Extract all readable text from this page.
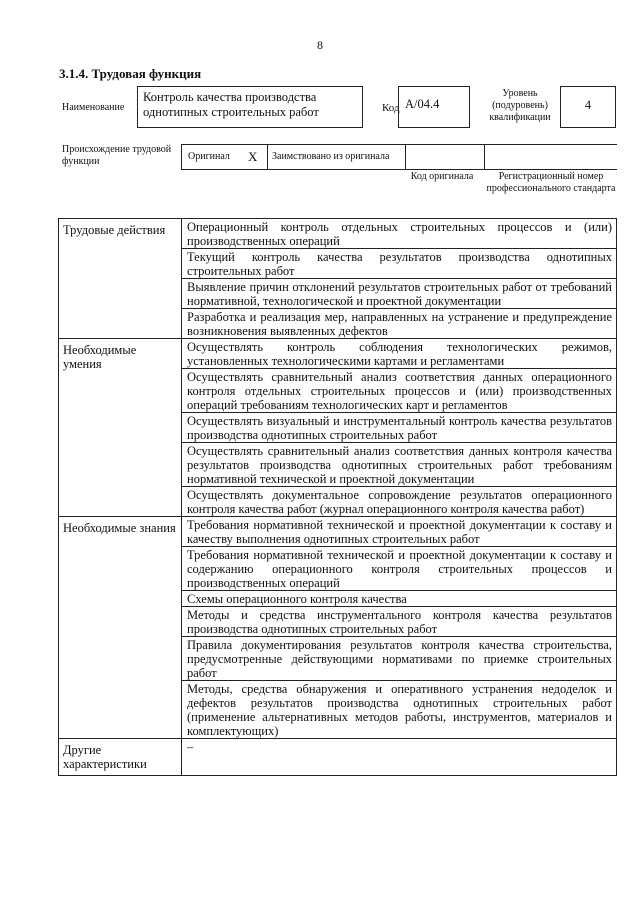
8
3.1.4. Трудовая функция
Наименование
Контроль качества производства однотипных строительных работ	Код А/04.4
Уровень (подуровень) квалификации
4
Происхождение трудовой функции	Оригинал X Заимствовано из оригинала
Код оригинала	Регистрационный номер профессионального стандарта
Трудовые действия	Операционный контроль отдельных строительных процессов и (или) производственных операций
	Текущий контроль качества результатов производства однотипных строительных работ
	Выявление причин отклонений результатов строительных работ от требований нормативной, технологической и проектной документации
	Разработка и реализация мер, направленных на устранение и предупреждение возникновения выявленных дефектов
Необходимые умения	Осуществлять контроль соблюдения технологических режимов, установленных технологическими картами и регламентами
	Осуществлять сравнительный анализ соответствия данных операционного контроля отдельных строительных процессов и (или) производственных операций требованиям технологических карт и регламентов
	Осуществлять визуальный и инструментальный контроль качества результатов производства однотипных строительных работ
	Осуществлять сравнительный анализ соответствия данных контроля качества результатов производства однотипных строительных работ требованиям нормативной технической и проектной документации
	Осуществлять документальное сопровождение результатов операционного контроля качества работ (журнал операционного контроля качества работ)
Необходимые знания	Требования нормативной технической и проектной документации к составу и качеству выполнения однотипных строительных работ
	Требования нормативной технической и проектной документации к составу и содержанию операционного контроля строительных процессов и производственных операций
	Схемы операционного контроля качества
	Методы и средства инструментального контроля качества результатов производства однотипных строительных работ
	Правила документирования результатов контроля качества строительства, предусмотренные действующими нормативами по приемке строительных работ
	Методы, средства обнаружения и оперативного устранения недоделок и дефектов результатов производства однотипных строительных работ (применение альтернативных методов работы, инструментов, материалов и комплектующих)
Другие характеристики	–
